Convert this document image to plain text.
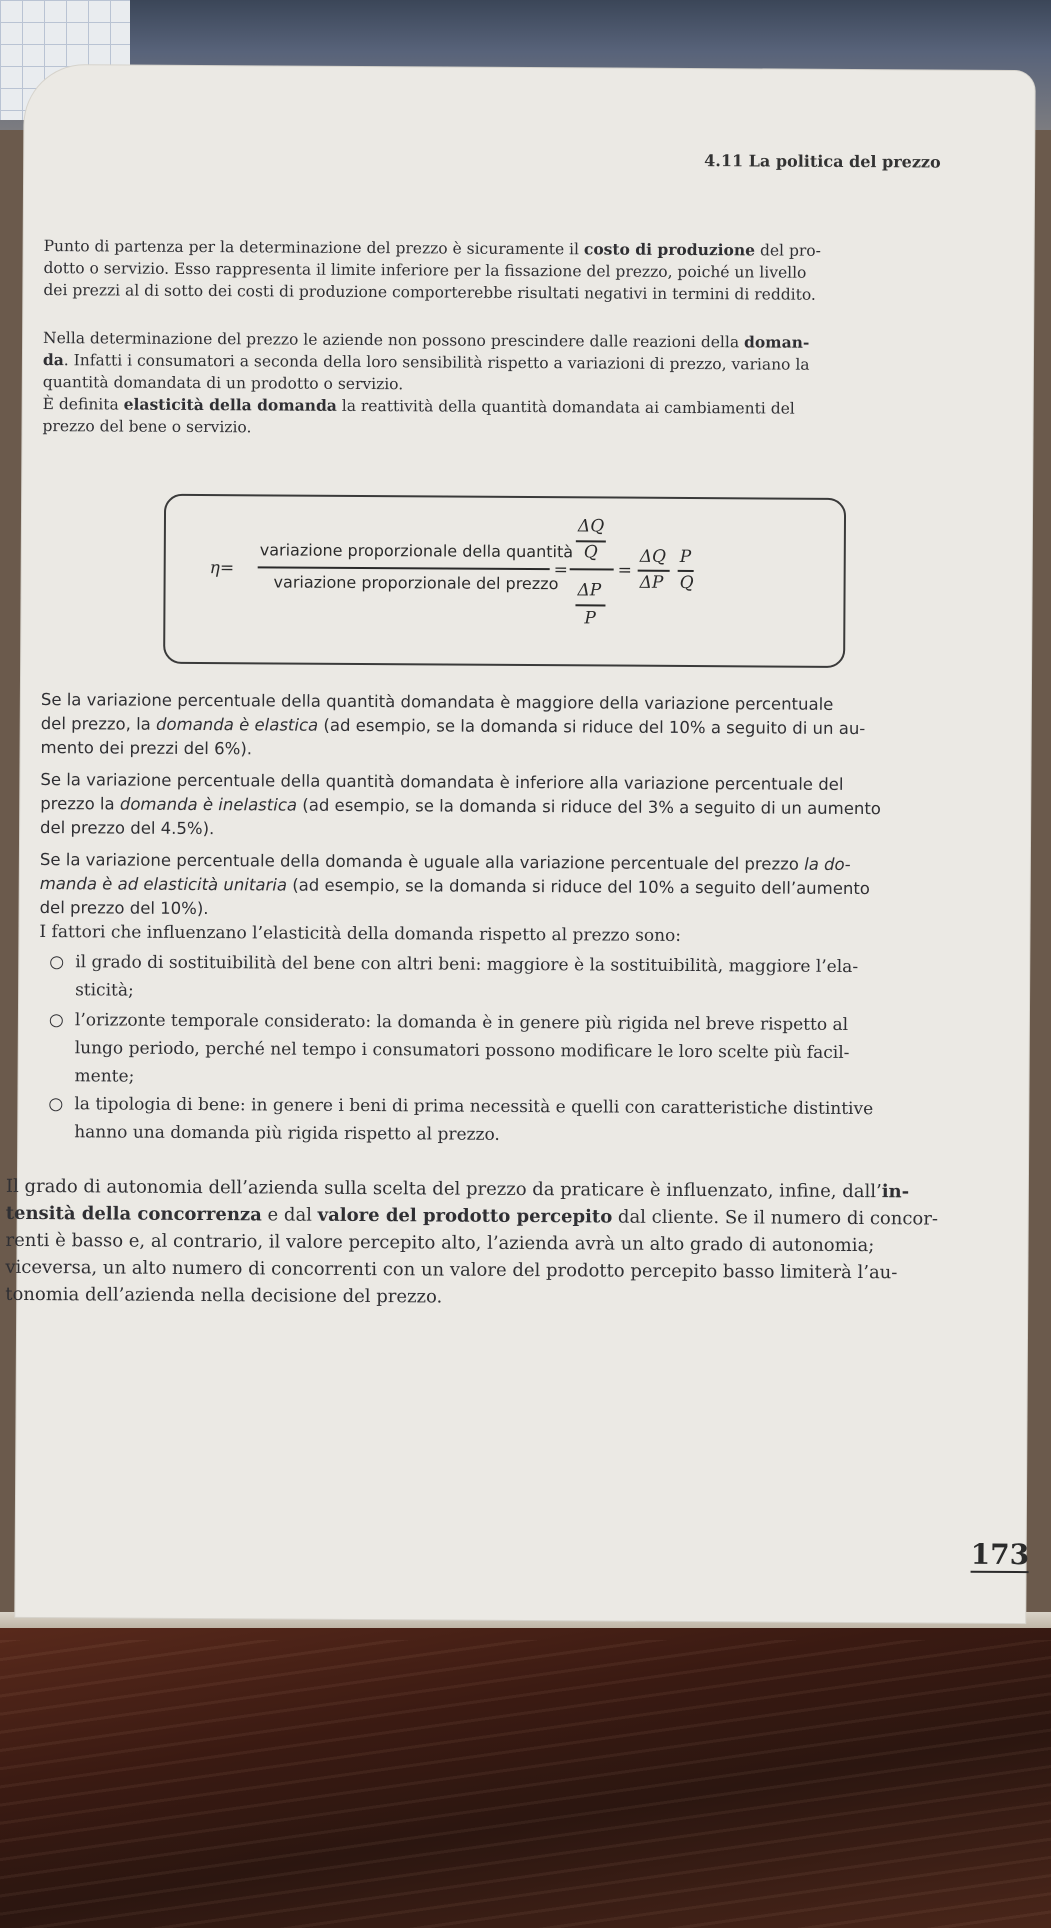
4.11 La politica del prezzo

Punto di partenza per la determinazione del prezzo è sicuramente il costo di produzione del pro-

dotto o servizio. Esso rappresenta il limite inferiore per la fissazione del prezzo, poiché un livello

dei prezzi al di sotto dei costi di produzione comporterebbe risultati negativi in termini di reddito.

Nella determinazione del prezzo le aziende non possono prescindere dalle reazioni della doman-

da. Infatti i consumatori a seconda della loro sensibilità rispetto a variazioni di prezzo, variano la

quantità domandata di un prodotto o servizio.

È definita elasticità della domanda la reattività della quantità domandata ai cambiamenti del

prezzo del bene o servizio.

η=
variazione proporzionale della quantità
variazione proporzionale del prezzo
=
ΔQ
Q
ΔP
P
=
ΔQ
ΔP
P
Q

Se la variazione percentuale della quantità domandata è maggiore della variazione percentuale

del prezzo, la domanda è elastica (ad esempio, se la domanda si riduce del 10% a seguito di un au-

mento dei prezzi del 6%).

Se la variazione percentuale della quantità domandata è inferiore alla variazione percentuale del

prezzo la domanda è inelastica (ad esempio, se la domanda si riduce del 3% a seguito di un aumento

del prezzo del 4.5%).

Se la variazione percentuale della domanda è uguale alla variazione percentuale del prezzo la do-

manda è ad elasticità unitaria (ad esempio, se la domanda si riduce del 10% a seguito dell’aumento

del prezzo del 10%).

I fattori che influenzano l’elasticità della domanda rispetto al prezzo sono:

○ il grado di sostituibilità del bene con altri beni: maggiore è la sostituibilità, maggiore l’ela-
sticità;
○ l’orizzonte temporale considerato: la domanda è in genere più rigida nel breve rispetto al
lungo periodo, perché nel tempo i consumatori possono modificare le loro scelte più facil-
mente;
○ la tipologia di bene: in genere i beni di prima necessità e quelli con caratteristiche distintive
hanno una domanda più rigida rispetto al prezzo.
Il grado di autonomia dell’azienda sulla scelta del prezzo da praticare è influenzato, infine, dall’in-
tensità della concorrenza e dal valore del prodotto percepito dal cliente. Se il numero di concor-
renti è basso e, al contrario, il valore percepito alto, l’azienda avrà un alto grado di autonomia;
viceversa, un alto numero di concorrenti con un valore del prodotto percepito basso limiterà l’au-
tonomia dell’azienda nella decisione del prezzo.
173
